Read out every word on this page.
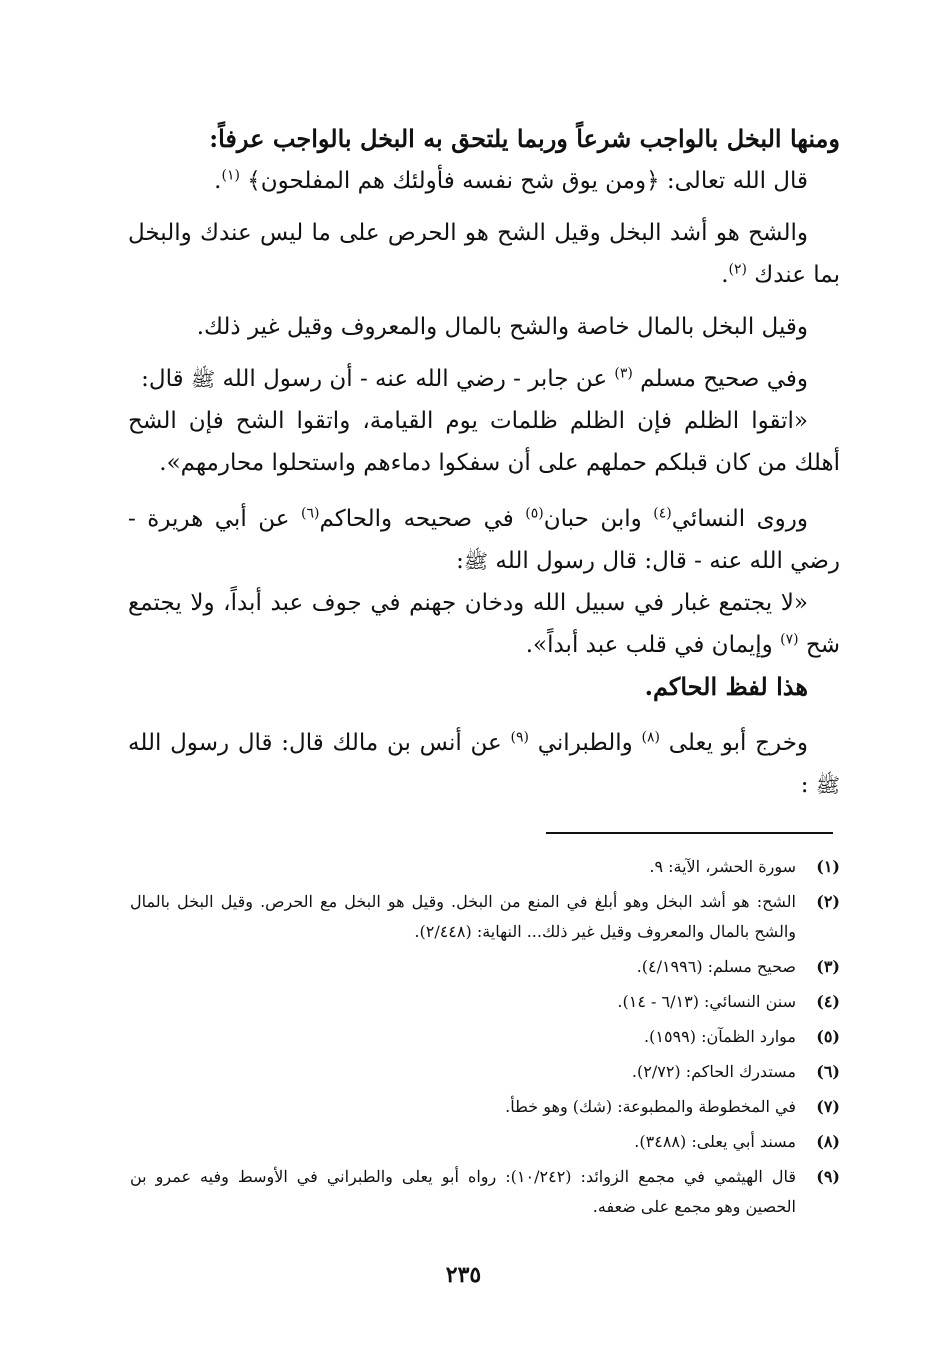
ومنها البخل بالواجب شرعاً وربما يلتحق به البخل بالواجب عرفاً:

قال الله تعالى: ﴿ومن يوق شح نفسه فأولئك هم المفلحون﴾ $^{(١)}$.

والشح هو أشد البخل وقيل الشح هو الحرص على ما ليس عندك والبخل بما عندك $^{(٢)}$.

وقيل البخل بالمال خاصة والشح بالمال والمعروف وقيل غير ذلك.

وفي صحيح مسلم $^{(٣)}$ عن جابر - رضي الله عنه - أن رسول الله ﷺ قال:

«اتقوا الظلم فإن الظلم ظلمات يوم القيامة، واتقوا الشح فإن الشح أهلك من كان قبلكم حملهم على أن سفكوا دماءهم واستحلوا محارمهم».

وروى النسائي$^{(٤)}$ وابن حبان$^{(٥)}$ في صحيحه والحاكم$^{(٦)}$ عن أبي هريرة - رضي الله عنه - قال: قال رسول الله ﷺ:

«لا يجتمع غبار في سبيل الله ودخان جهنم في جوف عبد أبداً، ولا يجتمع شح $^{(٧)}$ وإيمان في قلب عبد أبداً».

هذا لفظ الحاكم.

وخرج أبو يعلى $^{(٨)}$ والطبراني $^{(٩)}$ عن أنس بن مالك قال: قال رسول الله ﷺ :

(١)
سورة الحشر، الآية: ٩.
(٢)
الشح: هو أشد البخل وهو أبلغ في المنع من البخل. وقيل هو البخل مع الحرص. وقيل البخل بالمال والشح بالمال والمعروف وقيل غير ذلك... النهاية: (٢/٤٤٨).
(٣)
صحيح مسلم: (٤/١٩٩٦).
(٤)
سنن النسائي: (٦/١٣ - ١٤).
(٥)
موارد الظمآن: (١٥٩٩).
(٦)
مستدرك الحاكم: (٢/٧٢).
(٧)
في المخطوطة والمطبوعة: (شك) وهو خطأ.
(٨)
مسند أبي يعلى: (٣٤٨٨).
(٩)
قال الهيثمي في مجمع الزوائد: (١٠/٢٤٢): رواه أبو يعلى والطبراني في الأوسط وفيه عمرو بن الحصين وهو مجمع على ضعفه.
٢٣٥
